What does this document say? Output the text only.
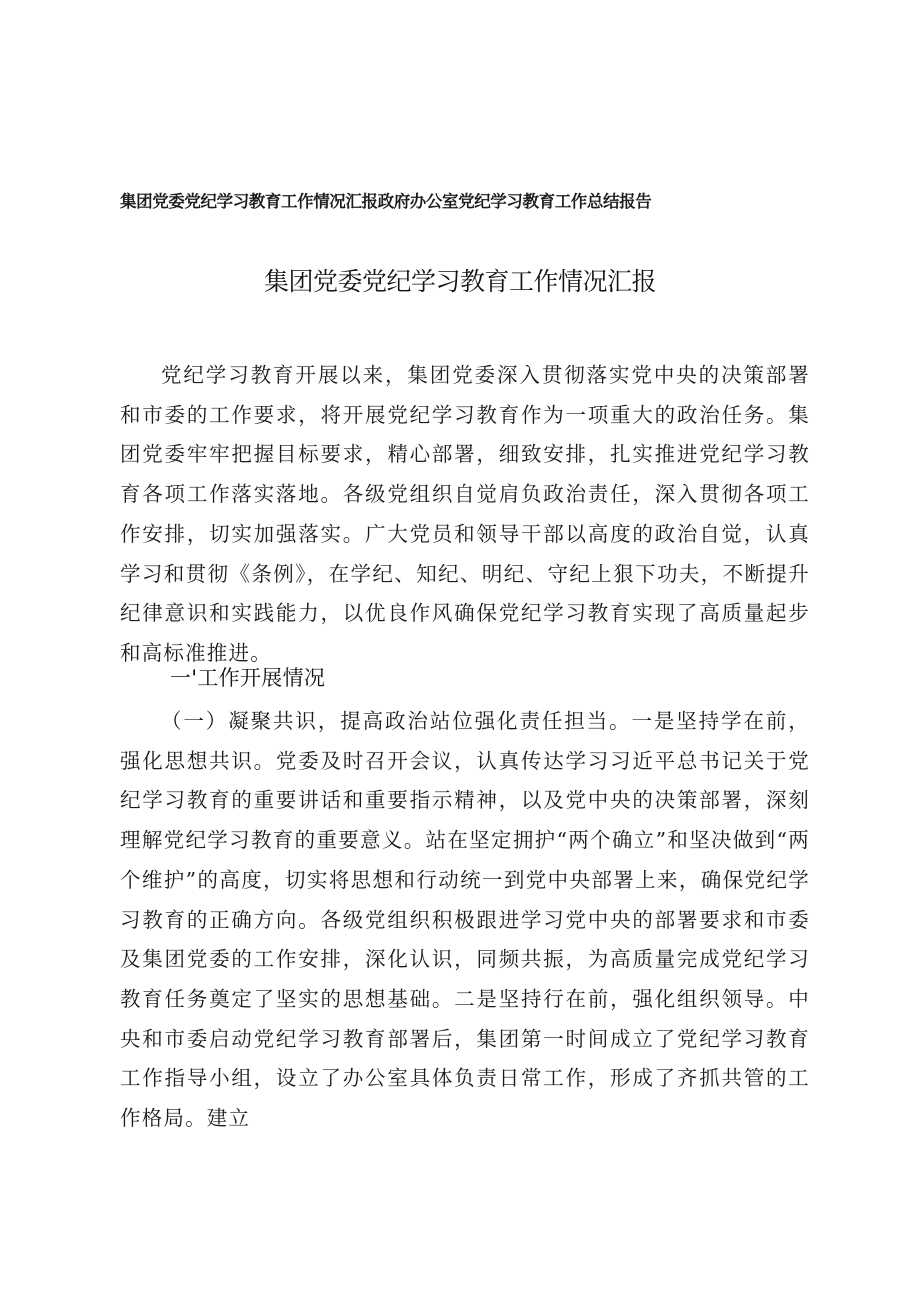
集团党委党纪学习教育工作情况汇报政府办公室党纪学习教育工作总结报告
集团党委党纪学习教育工作情况汇报

党纪学习教育开展以来，集团党委深入贯彻落实党中央的决策部署和市委的工作要求，将开展党纪学习教育作为一项重大的政治任务。集团党委牢牢把握目标要求，精心部署，细致安排，扎实推进党纪学习教育各项工作落实落地。各级党组织自觉肩负政治责任，深入贯彻各项工作安排，切实加强落实。广大党员和领导干部以高度的政治自觉，认真学习和贯彻《条例》，在学纪、知纪、明纪、守纪上狠下功夫，不断提升纪律意识和实践能力，以优良作风确保党纪学习教育实现了高质量起步和高标准推进。

一'工作开展情况

（一）凝聚共识，提高政治站位强化责任担当。一是坚持学在前，强化思想共识。党委及时召开会议，认真传达学习习近平总书记关于党纪学习教育的重要讲话和重要指示精神，以及党中央的决策部署，深刻理解党纪学习教育的重要意义。站在坚定拥护“两个确立”和坚决做到“两个维护”的高度，切实将思想和行动统一到党中央部署上来，确保党纪学习教育的正确方向。各级党组织积极跟进学习党中央的部署要求和市委及集团党委的工作安排，深化认识，同频共振，为高质量完成党纪学习教育任务奠定了坚实的思想基础。二是坚持行在前，强化组织领导。中央和市委启动党纪学习教育部署后，集团第一时间成立了党纪学习教育工作指导小组，设立了办公室具体负责日常工作，形成了齐抓共管的工作格局。建立
